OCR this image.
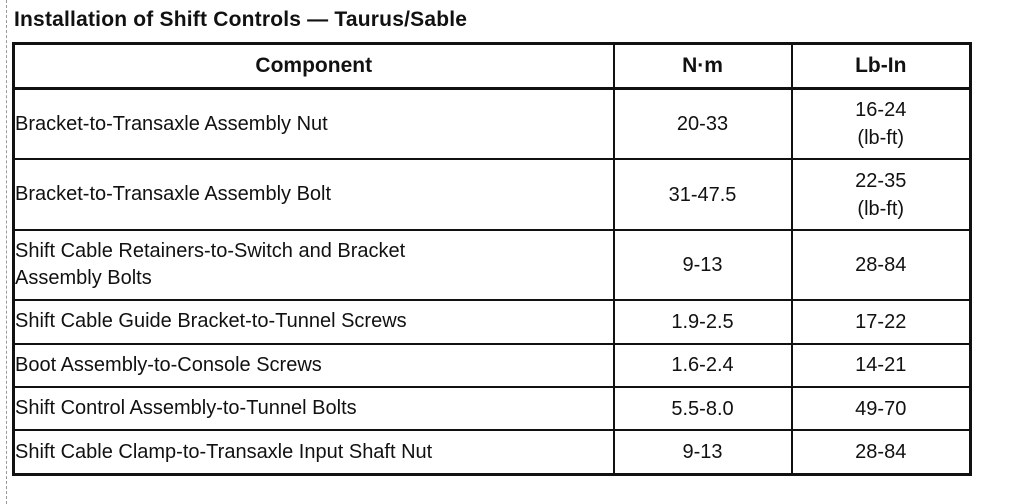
Installation of Shift Controls — Taurus/Sable
Component	N·m	Lb-In
Bracket-to-Transaxle Assembly Nut	20-33	16-24
(lb-ft)

Bracket-to-Transaxle Assembly Bolt	31-47.5	22-35
(lb-ft)

Shift Cable Retainers-to-Switch and Bracket Assembly Bolts	9-13	28-84
Shift Cable Guide Bracket-to-Tunnel Screws	1.9-2.5	17-22
Boot Assembly-to-Console Screws	1.6-2.4	14-21
Shift Control Assembly-to-Tunnel Bolts	5.5-8.0	49-70
Shift Cable Clamp-to-Transaxle Input Shaft Nut	9-13	28-84
